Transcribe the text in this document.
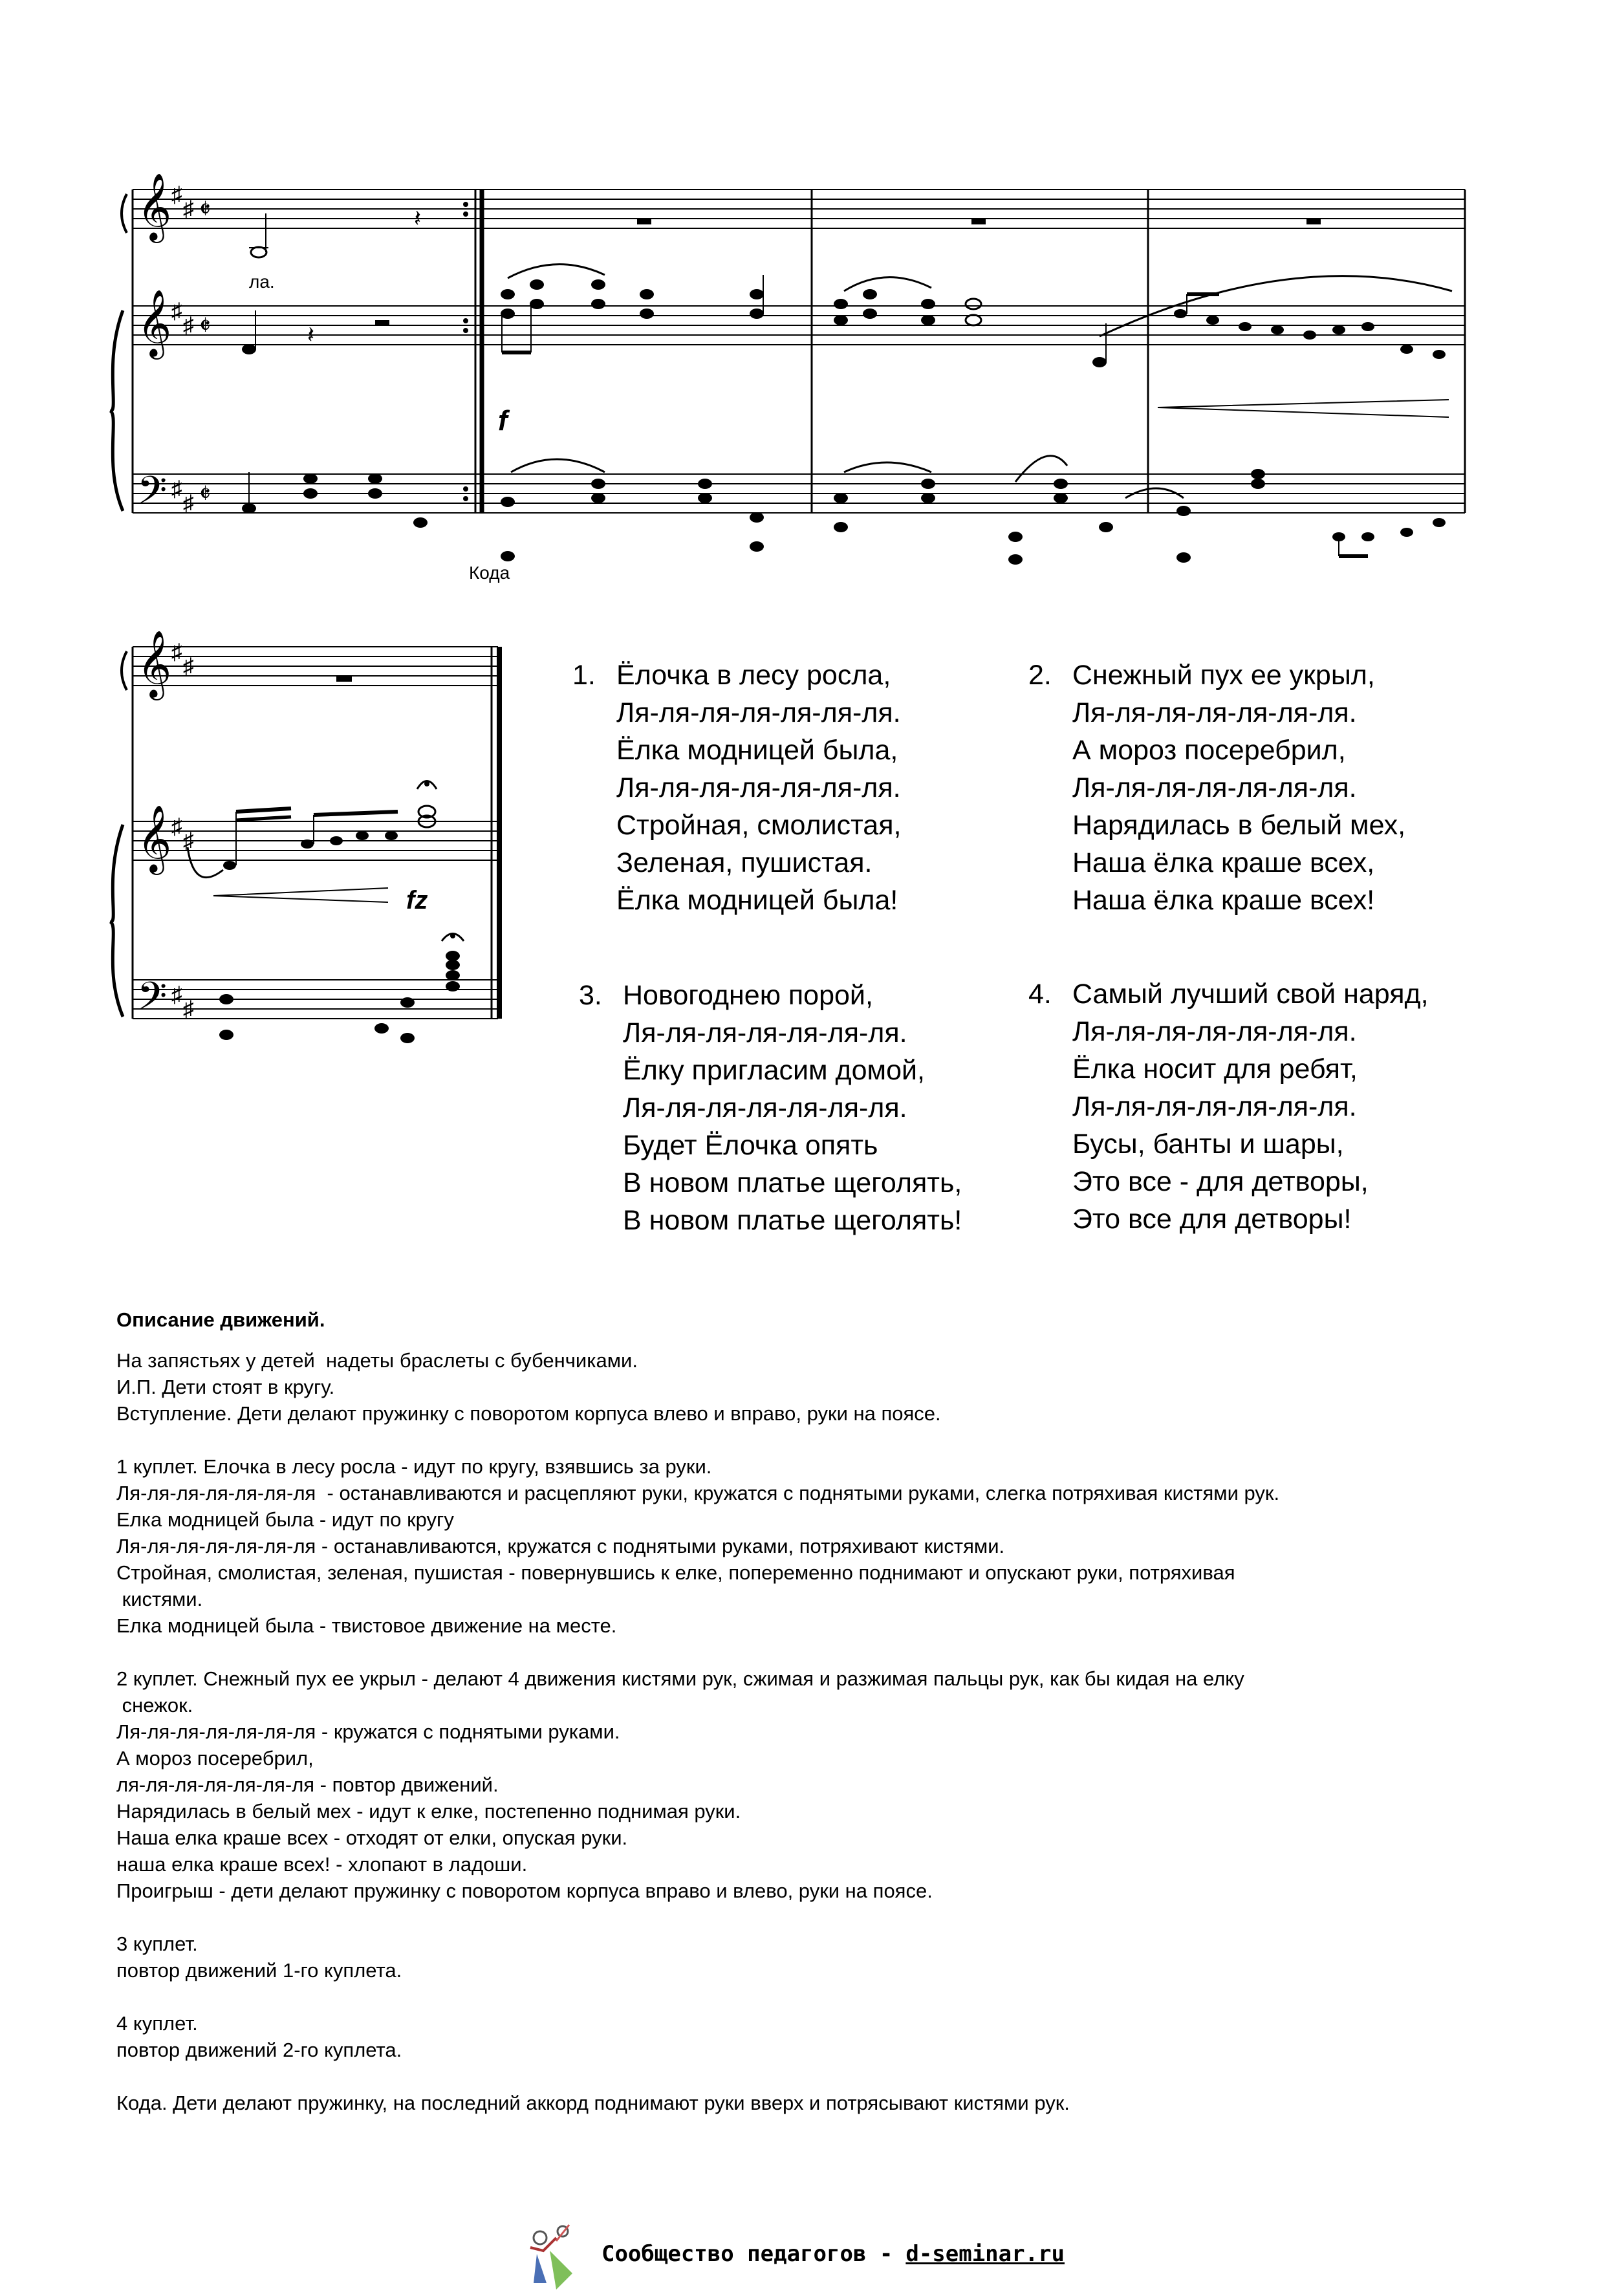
𝄞
𝄞
𝄢
♯
♯
♯
♯
♯
♯
𝄵
𝄵
𝄵
𝄽
𝄽
ла.
f
Кода
𝄞
𝄞
𝄢
♯
♯
♯
♯
♯
♯
fz
1. Ёлочка в лесу росла,
Ля-ля-ля-ля-ля-ля-ля.
Ёлка модницей была,
Ля-ля-ля-ля-ля-ля-ля.
Стройная, смолистая,
Зеленая, пушистая.
Ёлка модницей была!
2. Снежный пух ее укрыл,
Ля-ля-ля-ля-ля-ля-ля.
А мороз посеребрил,
Ля-ля-ля-ля-ля-ля-ля.
Нарядилась в белый мех,
Наша ёлка краше всех,
Наша ёлка краше всех!
3. Новогоднею порой,
Ля-ля-ля-ля-ля-ля-ля.
Ёлку пригласим домой,
Ля-ля-ля-ля-ля-ля-ля.
Будет Ёлочка опять
В новом платье щеголять,
В новом платье щеголять!
4. Самый лучший свой наряд,
Ля-ля-ля-ля-ля-ля-ля.
Ёлка носит для ребят,
Ля-ля-ля-ля-ля-ля-ля.
Бусы, банты и шары,
Это все - для детворы,
Это все для детворы!
Описание движений.
На запястьях у детей  надеты браслеты с бубенчиками.
И.П. Дети стоят в кругу.
Вступление. Дети делают пружинку с поворотом корпуса влево и вправо, руки на поясе.
1 куплет. Елочка в лесу росла - идут по кругу, взявшись за руки.
Ля-ля-ля-ля-ля-ля-ля  - останавливаются и расцепляют руки, кружатся с поднятыми руками, слегка потряхивая кистями рук.
Елка модницей была - идут по кругу
Ля-ля-ля-ля-ля-ля-ля - останавливаются, кружатся с поднятыми руками, потряхивают кистями.
Стройная, смолистая, зеленая, пушистая - повернувшись к елке, попеременно поднимают и опускают руки, потряхивая
кистями.
Елка модницей была - твистовое движение на месте.
2 куплет. Снежный пух ее укрыл - делают 4 движения кистями рук, сжимая и разжимая пальцы рук, как бы кидая на елку
снежок.
Ля-ля-ля-ля-ля-ля-ля - кружатся с поднятыми руками.
А мороз посеребрил,
ля-ля-ля-ля-ля-ля-ля - повтор движений.
Нарядилась в белый мех - идут к елке, постепенно поднимая руки.
Наша елка краше всех - отходят от елки, опуская руки.
наша елка краше всех! - хлопают в ладоши.
Проигрыш - дети делают пружинку с поворотом корпуса вправо и влево, руки на поясе.
3 куплет.
повтор движений 1-го куплета.
4 куплет.
повтор движений 2-го куплета.
Кода. Дети делают пружинку, на последний аккорд поднимают руки вверх и потрясывают кистями рук.
Сообщество педагогов - d-seminar.ru
